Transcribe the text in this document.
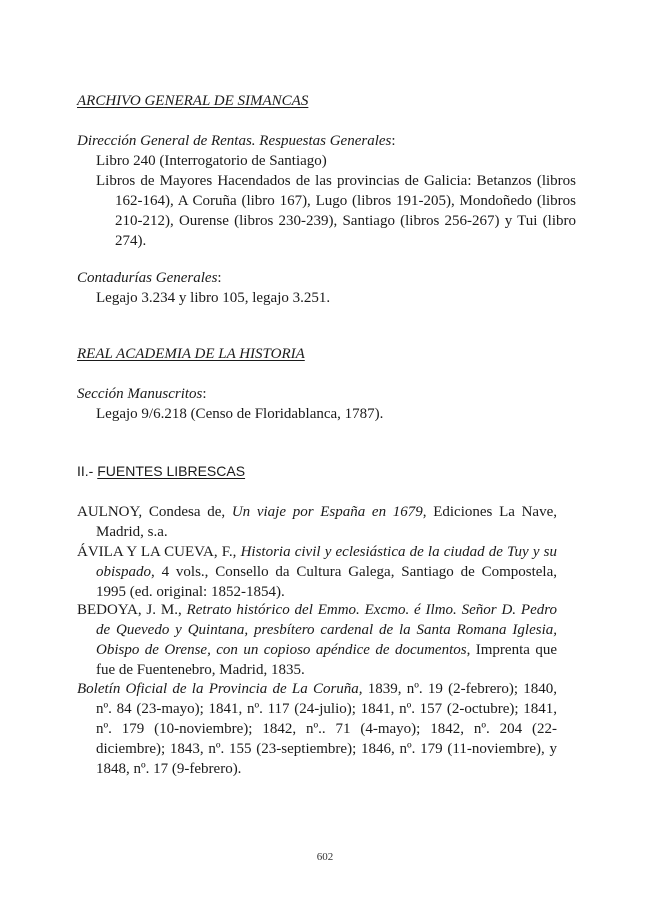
ARCHIVO GENERAL DE SIMANCAS
Dirección General de Rentas. Respuestas Generales:
Libro 240 (Interrogatorio de Santiago)
Libros de Mayores Hacendados de las provincias de Galicia: Betanzos (libros 162-164), A Coruña (libro 167), Lugo (libros 191-205), Mondoñedo (libros 210-212), Ourense (libros 230-239), Santiago (libros 256-267) y Tui (libro 274).
Contadurías Generales:
Legajo 3.234 y libro 105, legajo 3.251.
REAL ACADEMIA DE LA HISTORIA
Sección Manuscritos:
Legajo 9/6.218 (Censo de Floridablanca, 1787).
II.- FUENTES LIBRESCAS
AULNOY, Condesa de, Un viaje por España en 1679, Ediciones La Nave, Madrid, s.a.
ÁVILA Y LA CUEVA, F., Historia civil y eclesiástica de la ciudad de Tuy y su obispado, 4 vols., Consello da Cultura Galega, Santiago de Compostela, 1995 (ed. original: 1852-1854).
BEDOYA, J. M., Retrato histórico del Emmo. Excmo. é Ilmo. Señor D. Pedro de Quevedo y Quintana, presbítero cardenal de la Santa Romana Iglesia, Obispo de Orense, con un copioso apéndice de documentos, Imprenta que fue de Fuentenebro, Madrid, 1835.
Boletín Oficial de la Provincia de La Coruña, 1839, nº. 19 (2-febrero); 1840, nº. 84 (23-mayo); 1841, nº. 117 (24-julio); 1841, nº. 157 (2-octubre); 1841, nº. 179 (10-noviembre); 1842, nº.. 71 (4-mayo); 1842, nº. 204 (22-diciembre); 1843, nº. 155 (23-septiembre); 1846, nº. 179 (11-noviembre), y 1848, nº. 17 (9-febrero).
602
